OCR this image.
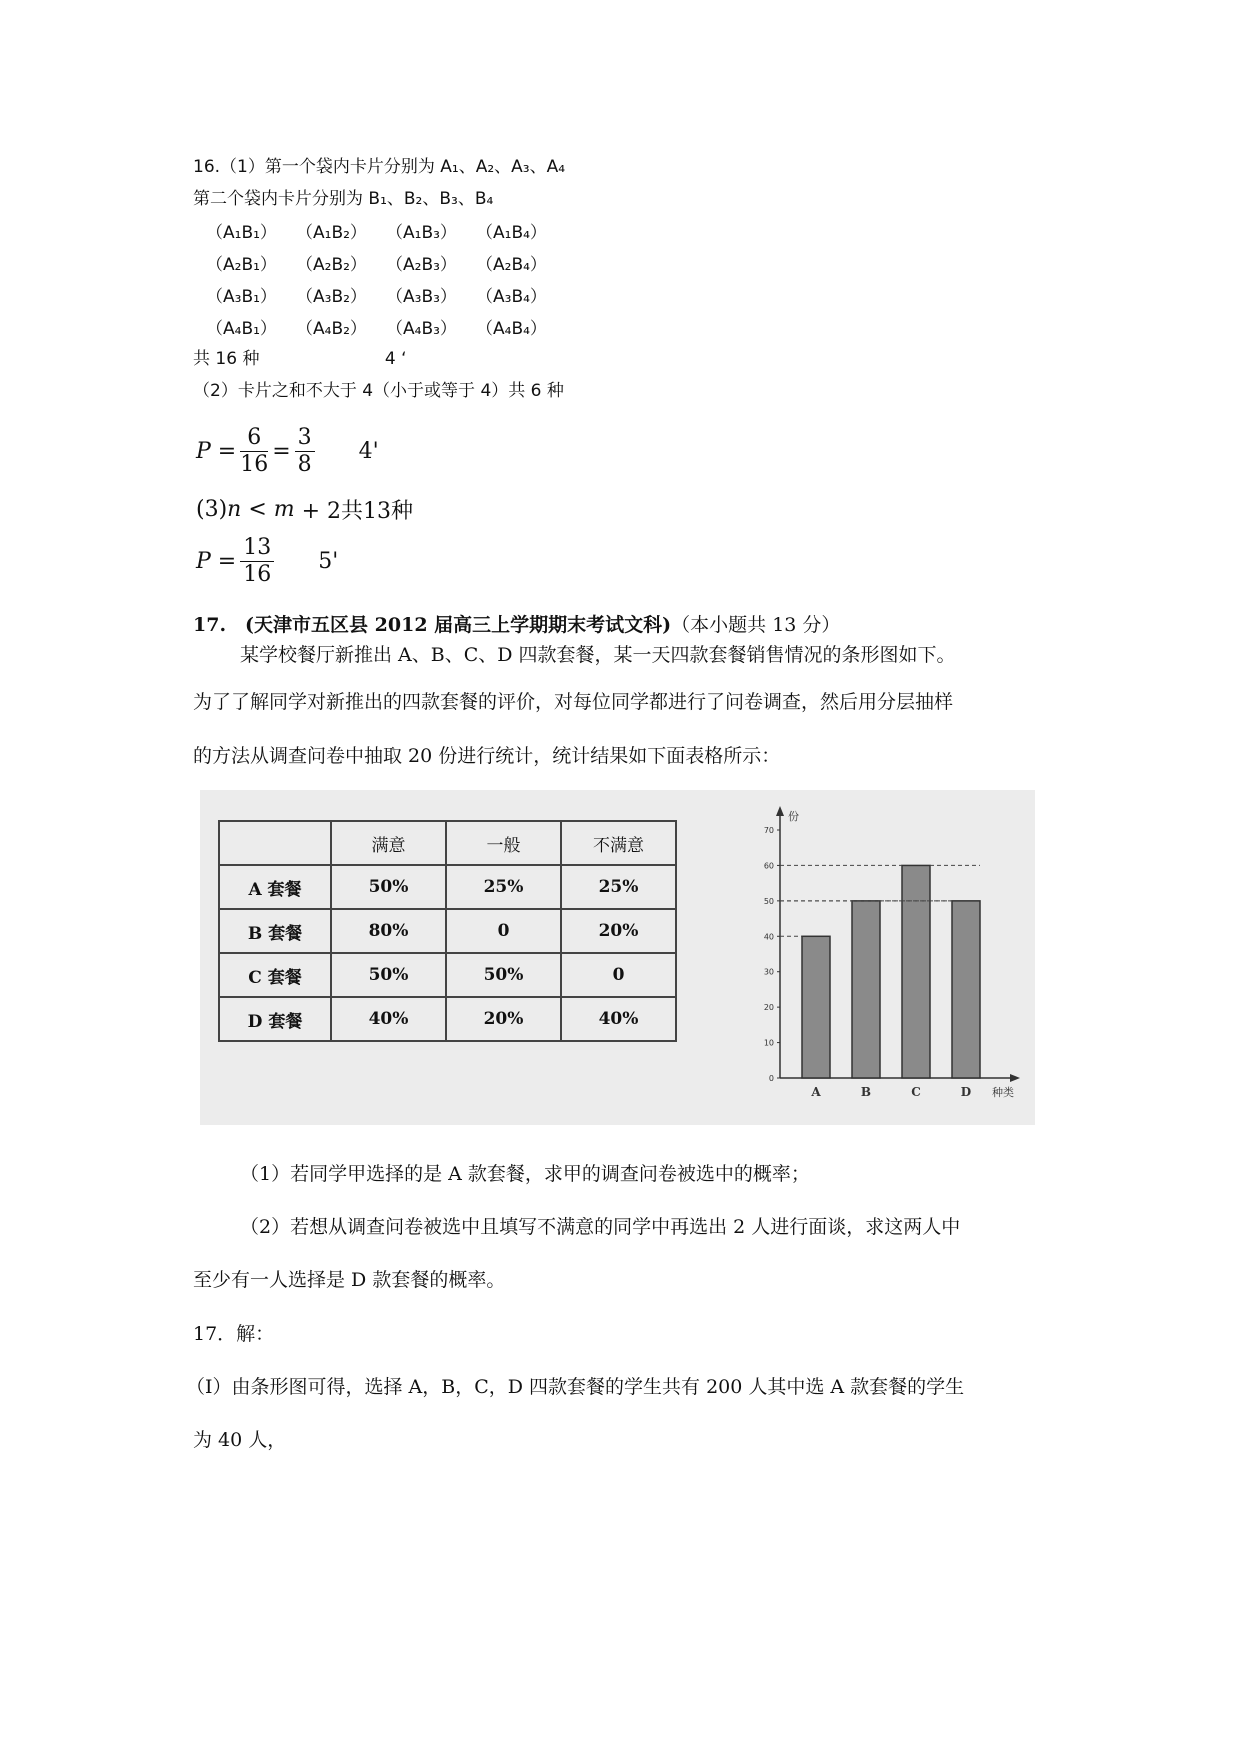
16.（1）第一个袋内卡片分别为 A₁、A₂、A₃、A₄
第二个袋内卡片分别为 B₁、B₂、B₃、B₄
（A₁B₁） （A₁B₂） （A₁B₃） （A₁B₄）
（A₂B₁） （A₂B₂） （A₂B₃） （A₂B₄）
（A₃B₁） （A₃B₂） （A₃B₃） （A₃B₄）
（A₄B₁） （A₄B₂） （A₄B₃） （A₄B₄）
共 16 种	4 ‘
（2）卡片之和不大于 4（小于或等于 4）共 6 种
$P = \frac{6}{16} = \frac{3}{8} 4'$
(3) n < m + 2共13种
$P = \frac{13}{16} 5'$
17.　(天津市五区县 2012 届高三上学期期末考试文科)（本小题共 13 分）
某学校餐厅新推出 A、B、C、D 四款套餐，某一天四款套餐销售情况的条形图如下。
为了了解同学对新推出的四款套餐的评价，对每位同学都进行了问卷调查，然后用分层抽样
的方法从调查问卷中抽取 20 份进行统计，统计结果如下面表格所示：
	满意	一般	不满意
A 套餐	50%	25%	25%
B 套餐	80%	0	20%
C 套餐	50%	50%	0
D 套餐	40%	20%	40%
0
10
20
30
40
50
60
70
份
A	B	C	D 种类
（1）若同学甲选择的是 A 款套餐，求甲的调查问卷被选中的概率；
（2）若想从调查问卷被选中且填写不满意的同学中再选出 2 人进行面谈，求这两人中
至少有一人选择是 D 款套餐的概率。
17．解：
（Ⅰ）由条形图可得，选择 A，B，C，D 四款套餐的学生共有 200 人其中选 A 款套餐的学生
为 40 人，
